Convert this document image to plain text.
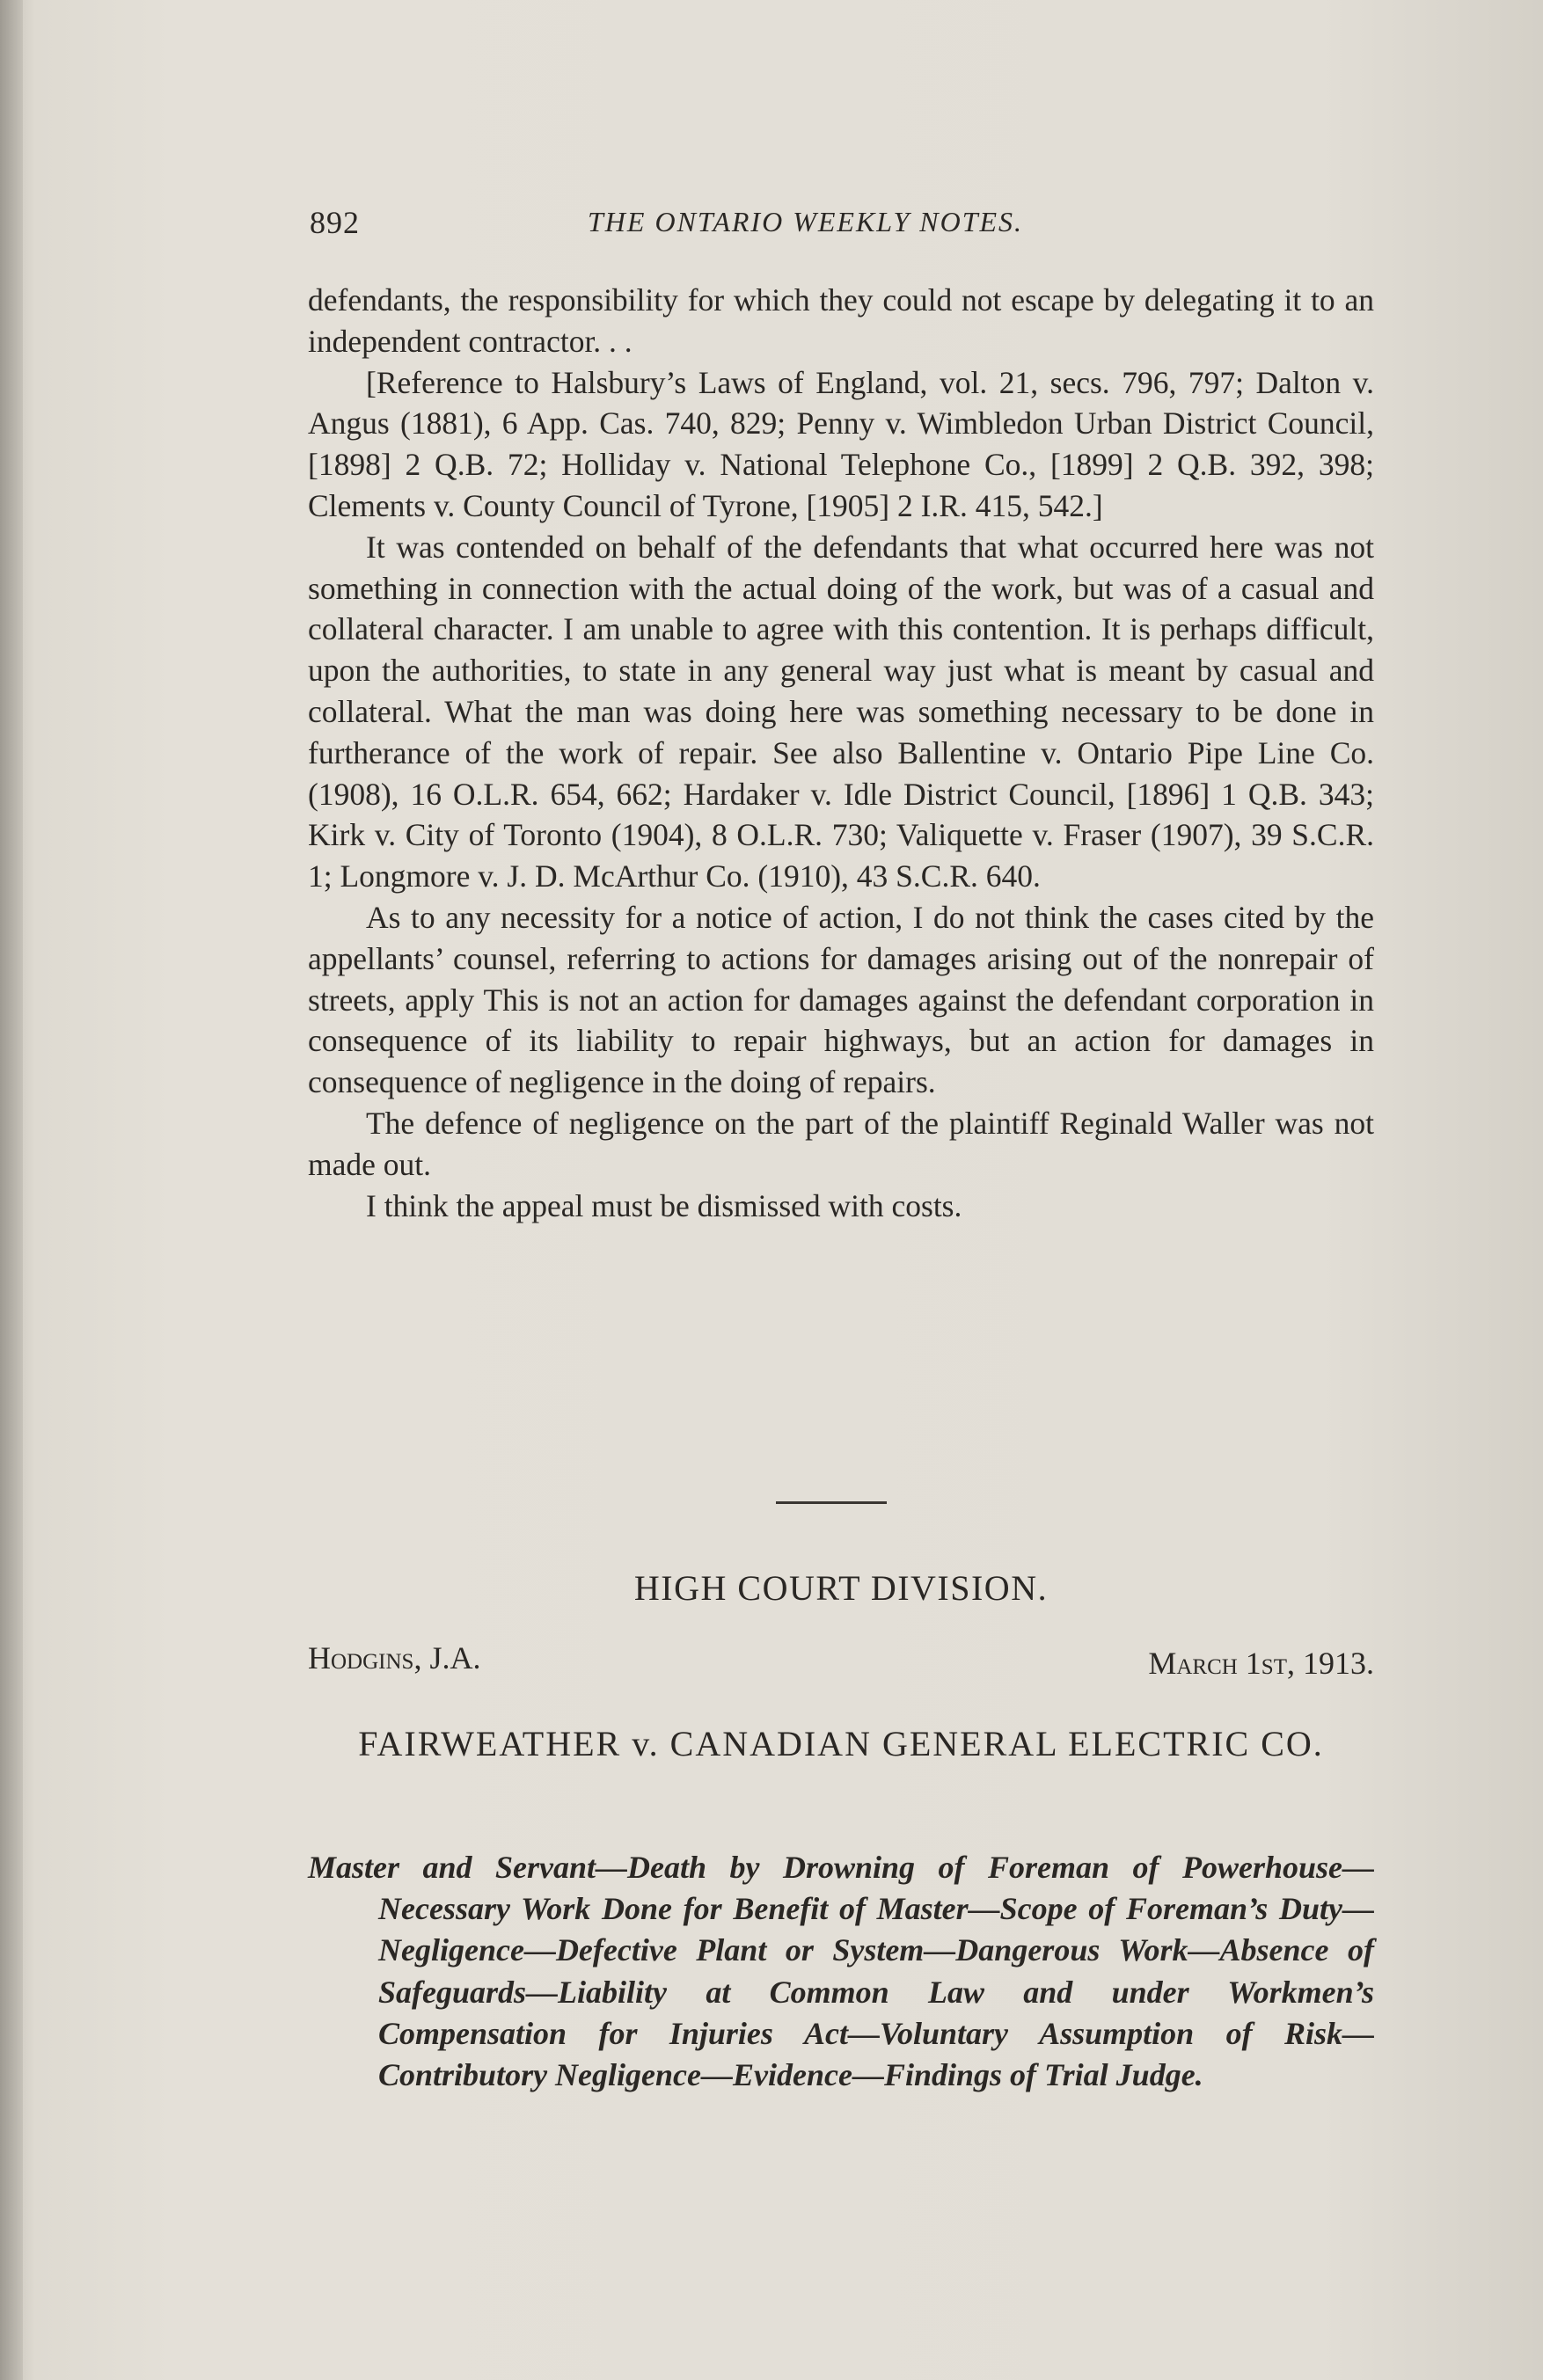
892	THE ONTARIO WEEKLY NOTES.

defendants, the responsibility for which they could not escape by delegating it to an independent contractor. . .

[Reference to Halsbury’s Laws of England, vol. 21, secs. 796, 797; Dalton v. Angus (1881), 6 App. Cas. 740, 829; Penny v. Wimbledon Urban District Council, [1898] 2 Q.B. 72; Holliday v. National Telephone Co., [1899] 2 Q.B. 392, 398; Clements v. County Council of Tyrone, [1905] 2 I.R. 415, 542.]

It was contended on behalf of the defendants that what occurred here was not something in connection with the actual doing of the work, but was of a casual and collateral character. I am unable to agree with this contention. It is perhaps difficult, upon the authorities, to state in any general way just what is meant by casual and collateral. What the man was doing here was something necessary to be done in furtherance of the work of repair. See also Ballentine v. Ontario Pipe Line Co. (1908), 16 O.L.R. 654, 662; Hardaker v. Idle District Council, [1896] 1 Q.B. 343; Kirk v. City of Toronto (1904), 8 O.L.R. 730; Valiquette v. Fraser (1907), 39 S.C.R. 1; Longmore v. J. D. McArthur Co. (1910), 43 S.C.R. 640.

As to any necessity for a notice of action, I do not think the cases cited by the appellants’ counsel, referring to actions for damages arising out of the nonrepair of streets, apply This is not an action for damages against the defendant corporation in consequence of its liability to repair highways, but an action for damages in consequence of negligence in the doing of repairs.

The defence of negligence on the part of the plaintiff Reginald Waller was not made out.

I think the appeal must be dismissed with costs.

HIGH COURT DIVISION.
Hodgins, J.A.	March 1st, 1913.
FAIRWEATHER v. CANADIAN GENERAL ELECTRIC CO.
Master and Servant—Death by Drowning of Foreman of Powerhouse—Necessary Work Done for Benefit of Master—Scope of Foreman’s Duty—Negligence—Defective Plant or System—Dangerous Work—Absence of Safeguards—Liability at Common Law and under Workmen’s Compensation for Injuries Act—Voluntary Assumption of Risk—Contributory Negligence—Evidence—Findings of Trial Judge.
